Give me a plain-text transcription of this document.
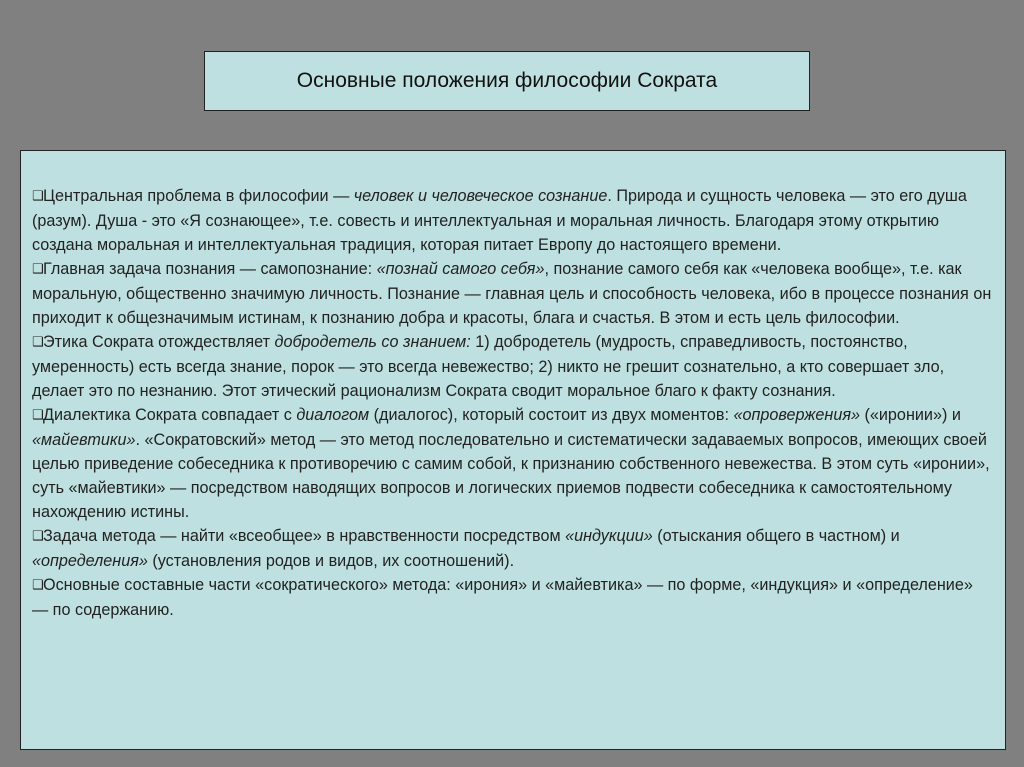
Основные положения философии Сократа

❑Центральная проблема в философии — человек и человеческое сознание. Природа и сущность человека — это его душа (разум). Душа - это «Я сознающее», т.е. совесть и интеллектуальная и моральная личность. Благодаря этому открытию создана моральная и интеллектуальная традиция, которая питает Европу до настоящего времени.

❑Главная задача познания — самопознание: «познай самого себя», познание самого себя как «человека вообще», т.е. как моральную, общественно значимую личность. Познание — главная цель и способность человека, ибо в процессе познания он приходит к общезначимым истинам, к познанию добра и красоты, блага и счастья. В этом и есть цель философии.

❑Этика Сократа отождествляет добродетель со знанием: 1) добродетель (мудрость, справедливость, постоянство, умеренность) есть всегда знание, порок — это всегда невежество; 2) никто не грешит сознательно, а кто совершает зло, делает это по незнанию. Этот этический рационализм Сократа сводит моральное благо к факту сознания.

❑Диалектика Сократа совпадает с диалогом (диалогос), который состоит из двух моментов: «опровержения» («иронии») и «майевтики». «Сократовский» метод — это метод последовательно и систематически задаваемых вопросов, имеющих своей целью приведение собеседника к противоречию с самим собой, к признанию собственного невежества. В этом суть «иронии», суть «майевтики» — посредством наводящих вопросов и логических приемов подвести собеседника к самостоятельному нахождению истины.

❑Задача метода — найти «всеобщее» в нравственности посредством «индукции» (отыскания общего в частном) и «определения» (установления родов и видов, их соотношений).

❑Основные составные части «сократического» метода: «ирония» и «майевтика» — по форме, «индукция» и «определение» — по содержанию.
